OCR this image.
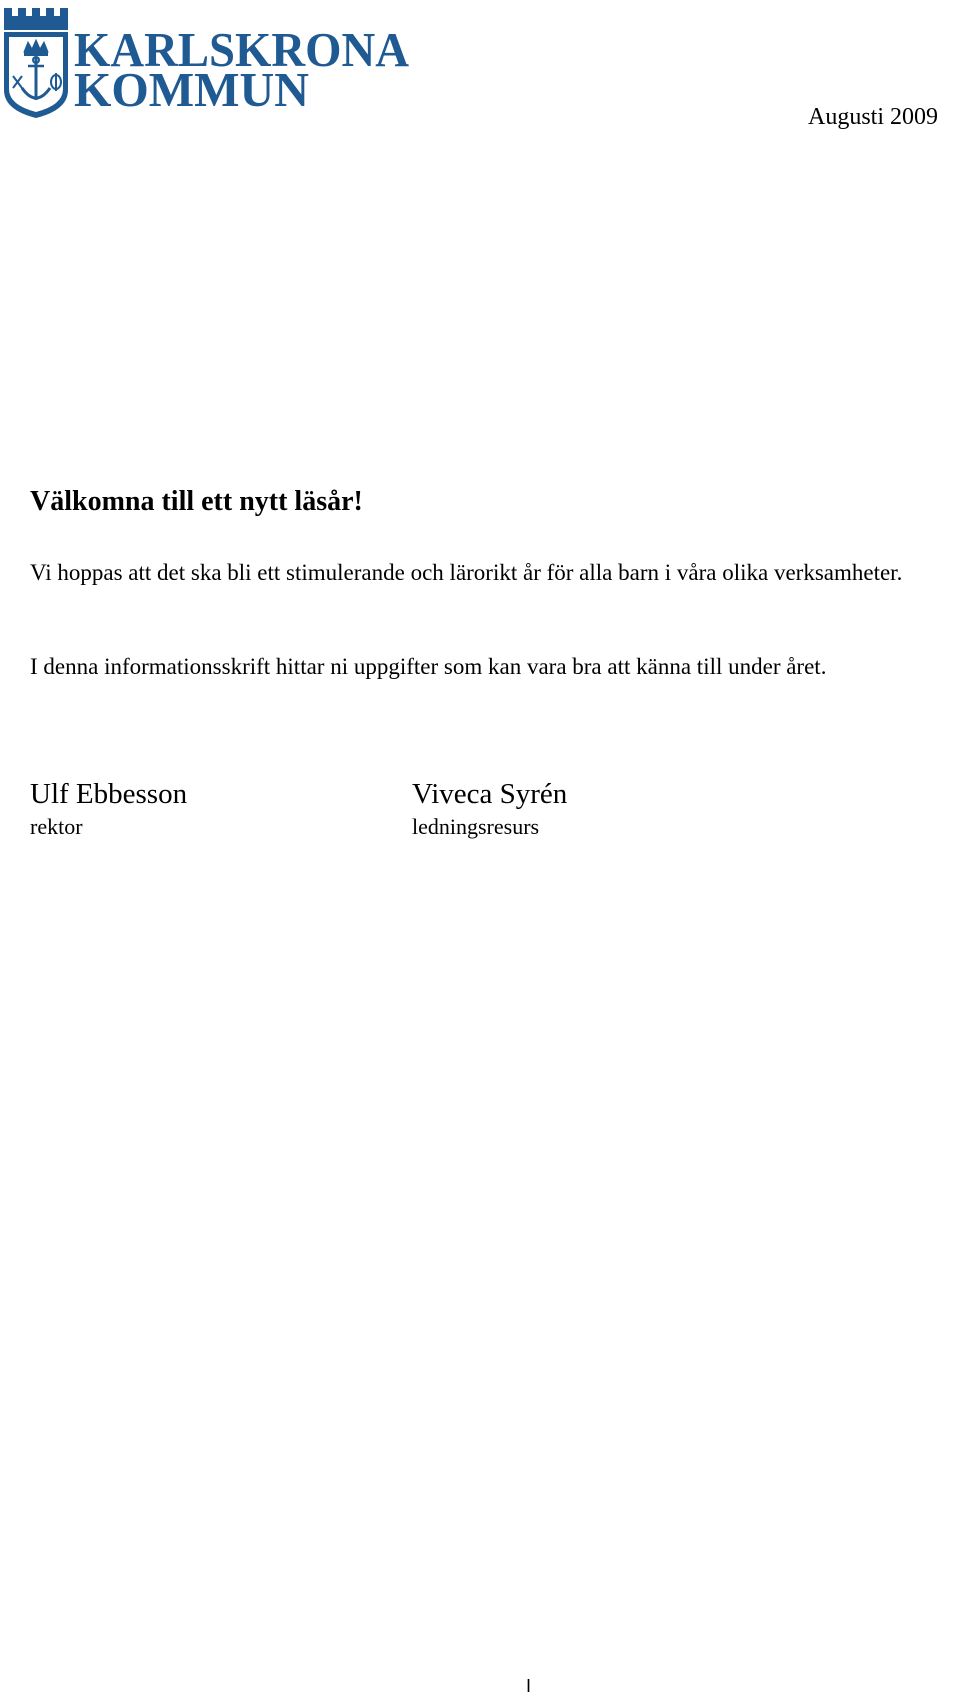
KARLSKRONA
KOMMUN	Augusti 2009
Välkomna till ett nytt läsår!

Vi hoppas att det ska bli ett stimulerande och lärorikt år för alla barn i våra olika verksamheter.

I denna informationsskrift hittar ni uppgifter som kan vara bra att känna till under året.

Ulf Ebbesson
rektor
Viveca Syrén
ledningsresurs
I
